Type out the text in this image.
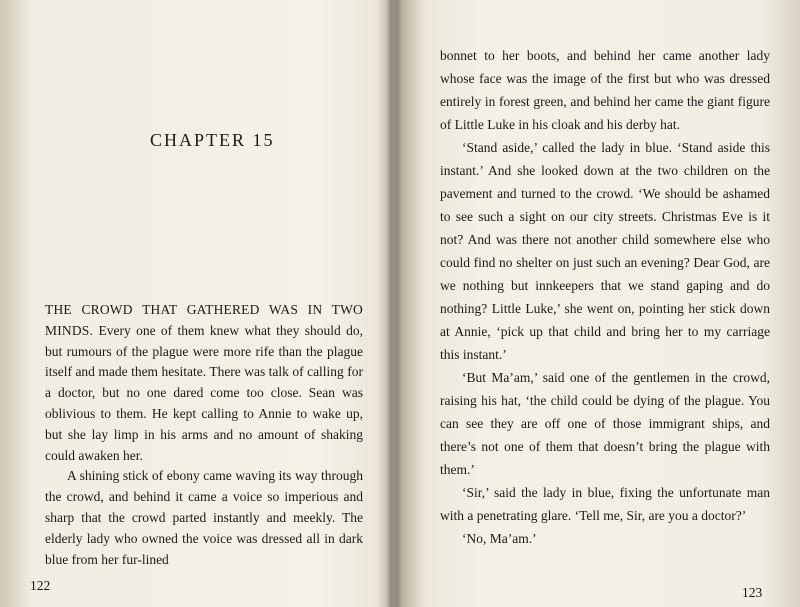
CHAPTER 15

THE CROWD THAT GATHERED WAS IN TWO MINDS. Every one of them knew what they should do, but rumours of the plague were more rife than the plague itself and made them hesitate. There was talk of calling for a doctor, but no one dared come too close. Sean was oblivious to them. He kept calling to Annie to wake up, but she lay limp in his arms and no amount of shaking could awaken her.

A shining stick of ebony came waving its way through the crowd, and behind it came a voice so imperious and sharp that the crowd parted instantly and meekly. The elderly lady who owned the voice was dressed all in dark blue from her fur-lined

122

bonnet to her boots, and behind her came another lady whose face was the image of the first but who was dressed entirely in forest green, and behind her came the giant figure of Little Luke in his cloak and his derby hat.

‘Stand aside,’ called the lady in blue. ‘Stand aside this instant.’ And she looked down at the two children on the pavement and turned to the crowd. ‘We should be ashamed to see such a sight on our city streets. Christmas Eve is it not? And was there not another child somewhere else who could find no shelter on just such an evening? Dear God, are we nothing but innkeepers that we stand gaping and do nothing? Little Luke,’ she went on, pointing her stick down at Annie, ‘pick up that child and bring her to my carriage this instant.’

‘But Ma’am,’ said one of the gentlemen in the crowd, raising his hat, ‘the child could be dying of the plague. You can see they are off one of those immigrant ships, and there’s not one of them that doesn’t bring the plague with them.’

‘Sir,’ said the lady in blue, fixing the unfortunate man with a penetrating glare. ‘Tell me, Sir, are you a doctor?’

‘No, Ma’am.’

123
